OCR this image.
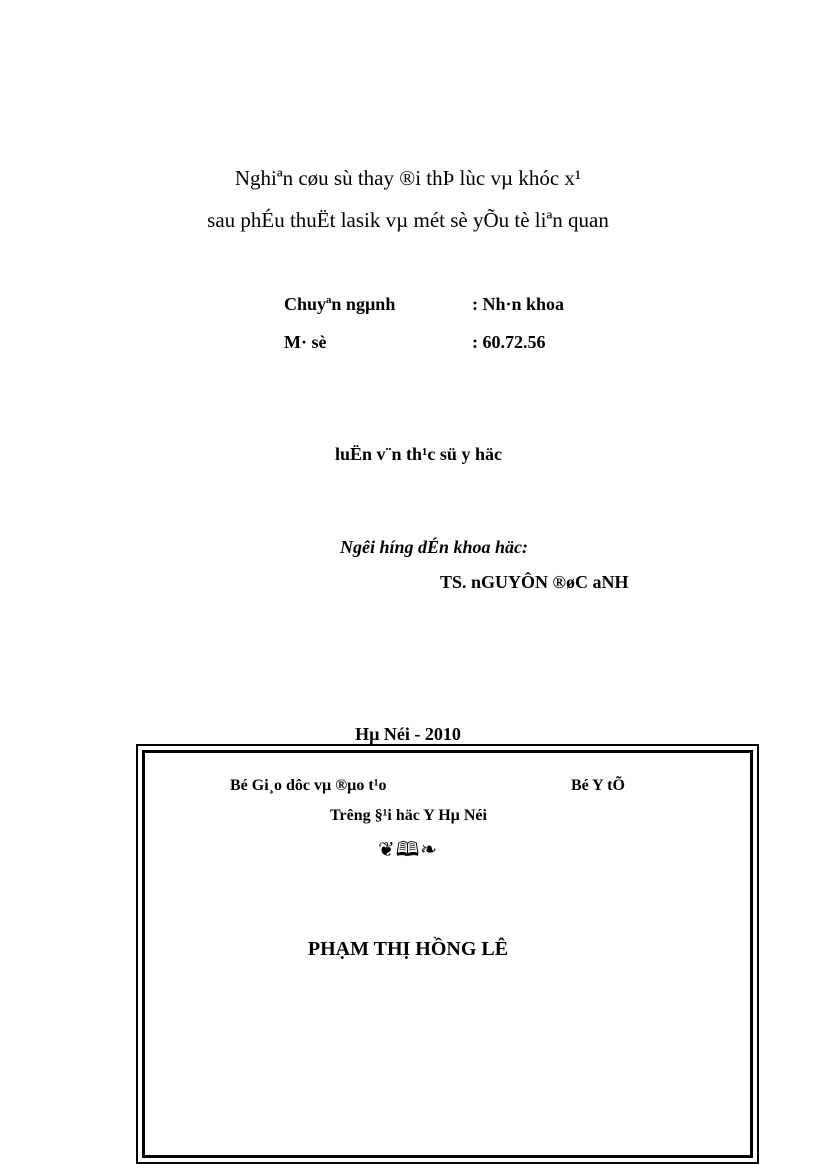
Nghiªn cøu sù thay ®i thÞ lùc vµ khóc x¹
sau phÉu thuËt lasik vµ mét sè yÕu tè liªn quan
Chuyªn ngµnh	: Nh·n khoa
M· sè	: 60.72.56
luËn v¨n th¹c sü y häc
Ngêi híng dÉn khoa häc:
TS. nGUYÔN ®øC aNH
Hµ Néi - 2010
Bé Gi¸o dôc vµ ®µo t¹o	Bé Y tÕ
Trêng §¹i häc Y Hµ Néi
❦🕮❧
PHẠM THỊ HỒNG LÊ
